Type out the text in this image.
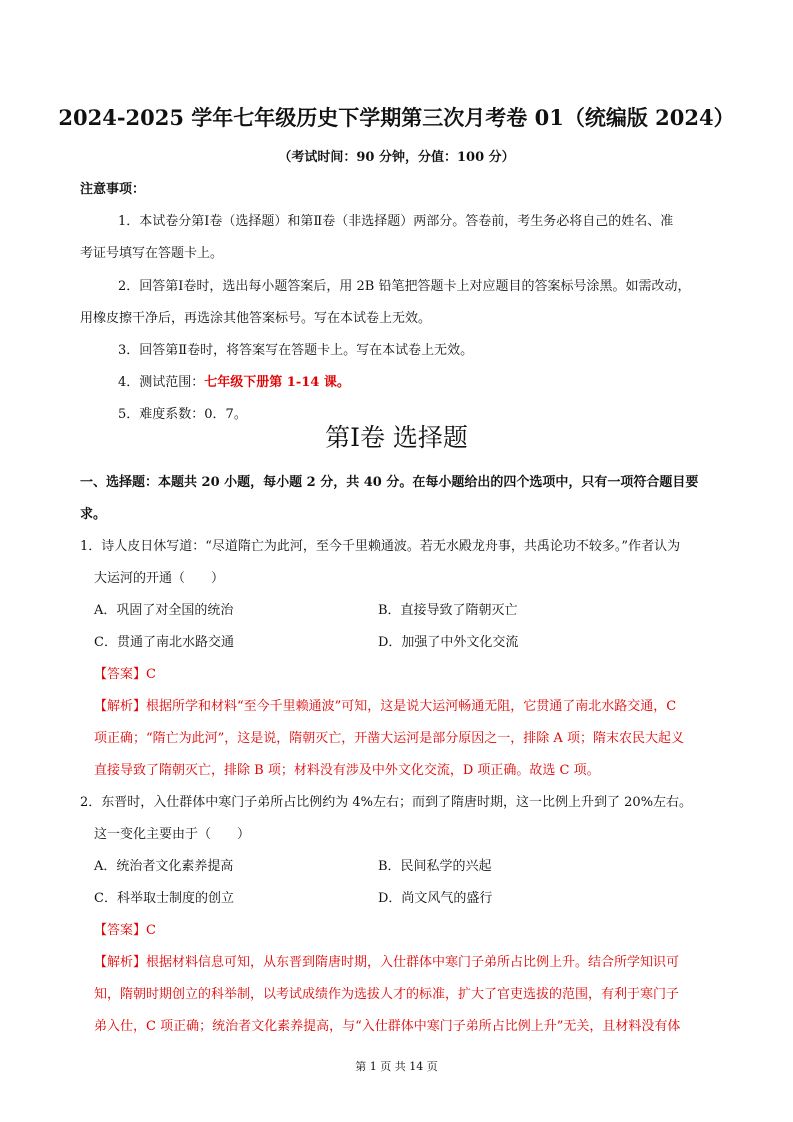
2024-2025 学年七年级历史下学期第三次月考卷 01（统编版 2024）
（考试时间：90 分钟，分值：100 分）
注意事项：
1．本试卷分第Ⅰ卷（选择题）和第Ⅱ卷（非选择题）两部分。答卷前，考生务必将自己的姓名、准
考证号填写在答题卡上。
2．回答第Ⅰ卷时，选出每小题答案后，用 2B 铅笔把答题卡上对应题目的答案标号涂黑。如需改动，
用橡皮擦干净后，再选涂其他答案标号。写在本试卷上无效。
3．回答第Ⅱ卷时，将答案写在答题卡上。写在本试卷上无效。
4．测试范围：七年级下册第 1-14 课。
5．难度系数：0．7。
第Ⅰ卷 选择题
一、选择题：本题共 20 小题，每小题 2 分，共 40 分。在每小题给出的四个选项中，只有一项符合题目要
求。
1．诗人皮日休写道：“尽道隋亡为此河，至今千里赖通波。若无水殿龙舟事，共禹论功不较多。”作者认为
大运河的开通（　　）
A．巩固了对全国的统治	B．直接导致了隋朝灭亡
C．贯通了南北水路交通	D．加强了中外文化交流
【答案】C
【解析】根据所学和材料“至今千里赖通波”可知，这是说大运河畅通无阻，它贯通了南北水路交通，C
项正确；“隋亡为此河”，这是说，隋朝灭亡，开凿大运河是部分原因之一，排除 A 项；隋末农民大起义
直接导致了隋朝灭亡，排除 B 项；材料没有涉及中外文化交流，D 项正确。故选 C 项。
2．东晋时，入仕群体中寒门子弟所占比例约为 4%左右；而到了隋唐时期，这一比例上升到了 20%左右。
这一变化主要由于（　　）
A．统治者文化素养提高	B．民间私学的兴起
C．科举取士制度的创立	D．尚文风气的盛行
【答案】C
【解析】根据材料信息可知，从东晋到隋唐时期，入仕群体中寒门子弟所占比例上升。结合所学知识可
知，隋朝时期创立的科举制，以考试成绩作为选拔人才的标准，扩大了官吏选拔的范围，有利于寒门子
弟入仕，C 项正确；统治者文化素养提高，与“入仕群体中寒门子弟所占比例上升”无关，且材料没有体
第 1 页 共 14 页
